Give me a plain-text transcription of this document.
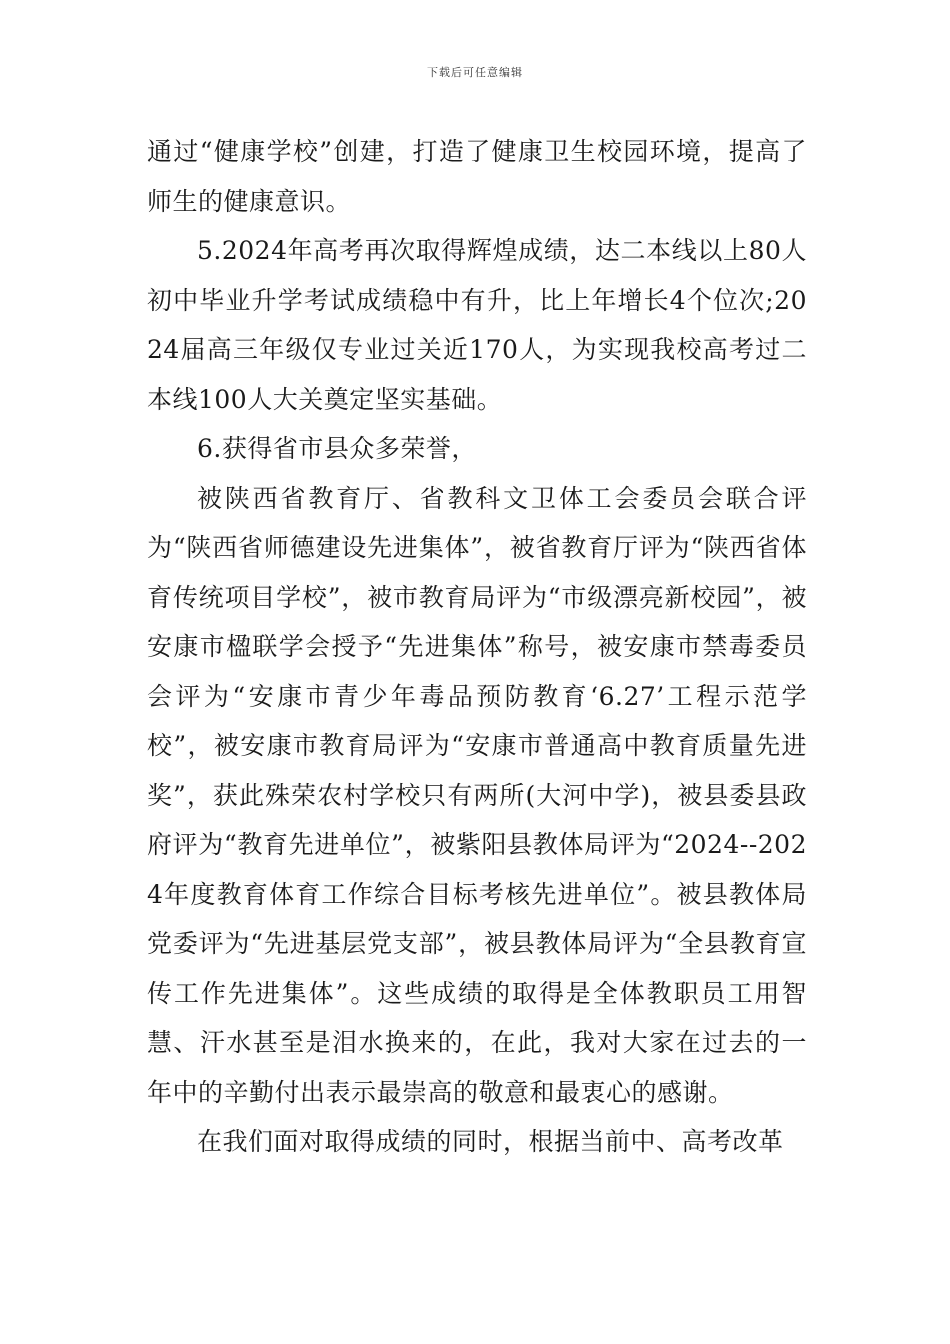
下载后可任意编辑

通过“健康学校”创建，打造了健康卫生校园环境，提高了师生的健康意识。

5.2024年高考再次取得辉煌成绩，达二本线以上80人初中毕业升学考试成绩稳中有升，比上年增长4个位次;2024届高三年级仅专业过关近170人，为实现我校高考过二本线100人大关奠定坚实基础。

6.获得省市县众多荣誉，

被陕西省教育厅、省教科文卫体工会委员会联合评为“陕西省师德建设先进集体”，被省教育厅评为“陕西省体育传统项目学校”，被市教育局评为“市级漂亮新校园”，被安康市楹联学会授予“先进集体”称号，被安康市禁毒委员会评为“安康市青少年毒品预防教育‘6.27’工程示范学校”，被安康市教育局评为“安康市普通高中教育质量先进奖”，获此殊荣农村学校只有两所(大河中学)，被县委县政府评为“教育先进单位”，被紫阳县教体局评为“2024--2024年度教育体育工作综合目标考核先进单位”。被县教体局党委评为“先进基层党支部”，被县教体局评为“全县教育宣传工作先进集体”。这些成绩的取得是全体教职员工用智慧、汗水甚至是泪水换来的，在此，我对大家在过去的一年中的辛勤付出表示最崇高的敬意和最衷心的感谢。

在我们面对取得成绩的同时，根据当前中、高考改革
